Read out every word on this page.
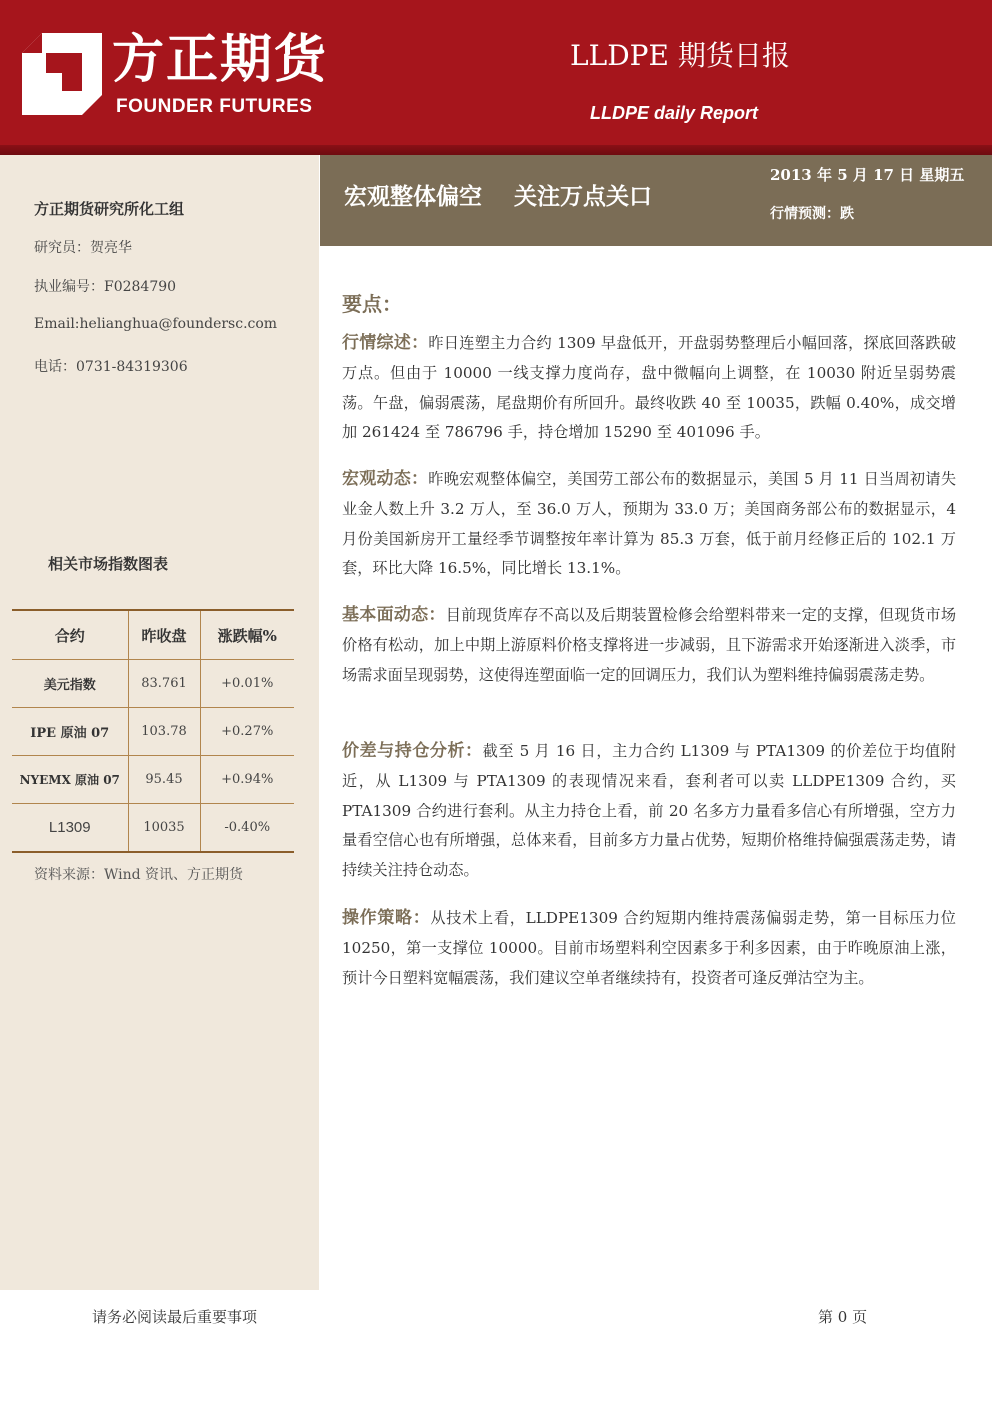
方正期货
FOUNDER FUTURES
LLDPE 期货日报
LLDPE daily Report
方正期货研究所化工组
研究员：贺亮华
执业编号：F0284790
Email:helianghua@foundersc.com
电话：0731-84319306
相关市场指数图表
合约	昨收盘	涨跌幅%
美元指数	83.761	+0.01%
IPE 原油 07	103.78	+0.27%
NYEMX 原油 07	95.45	+0.94%
L1309	10035	-0.40%
资料来源：Wind 资讯、方正期货
宏观整体偏空    关注万点关口
2013 年 5 月 17 日 星期五
行情预测：跌
要点：
行情综述：昨日连塑主力合约 1309 早盘低开，开盘弱势整理后小幅回落，探底回落跌破万点。但由于 10000 一线支撑力度尚存，盘中微幅向上调整，在 10030 附近呈弱势震荡。午盘，偏弱震荡，尾盘期价有所回升。最终收跌 40 至 10035，跌幅 0.40%，成交增加 261424 至 786796 手，持仓增加 15290 至 401096 手。
宏观动态：昨晚宏观整体偏空，美国劳工部公布的数据显示，美国 5 月 11 日当周初请失业金人数上升 3.2 万人，至 36.0 万人，预期为 33.0 万；美国商务部公布的数据显示，4 月份美国新房开工量经季节调整按年率计算为 85.3 万套，低于前月经修正后的 102.1 万套，环比大降 16.5%，同比增长 13.1%。
基本面动态：目前现货库存不高以及后期装置检修会给塑料带来一定的支撑，但现货市场价格有松动，加上中期上游原料价格支撑将进一步减弱，且下游需求开始逐渐进入淡季，市场需求面呈现弱势，这使得连塑面临一定的回调压力，我们认为塑料维持偏弱震荡走势。
价差与持仓分析：截至 5 月 16 日，主力合约 L1309 与 PTA1309 的价差位于均值附近，从 L1309 与 PTA1309 的表现情况来看，套利者可以卖 LLDPE1309 合约，买 PTA1309 合约进行套利。从主力持仓上看，前 20 名多方力量看多信心有所增强，空方力量看空信心也有所增强，总体来看，目前多方力量占优势，短期价格维持偏强震荡走势，请持续关注持仓动态。
操作策略：从技术上看，LLDPE1309 合约短期内维持震荡偏弱走势，第一目标压力位 10250，第一支撑位 10000。目前市场塑料利空因素多于利多因素，由于昨晚原油上涨，预计今日塑料宽幅震荡，我们建议空单者继续持有，投资者可逢反弹沽空为主。
请务必阅读最后重要事项	第 0 页
